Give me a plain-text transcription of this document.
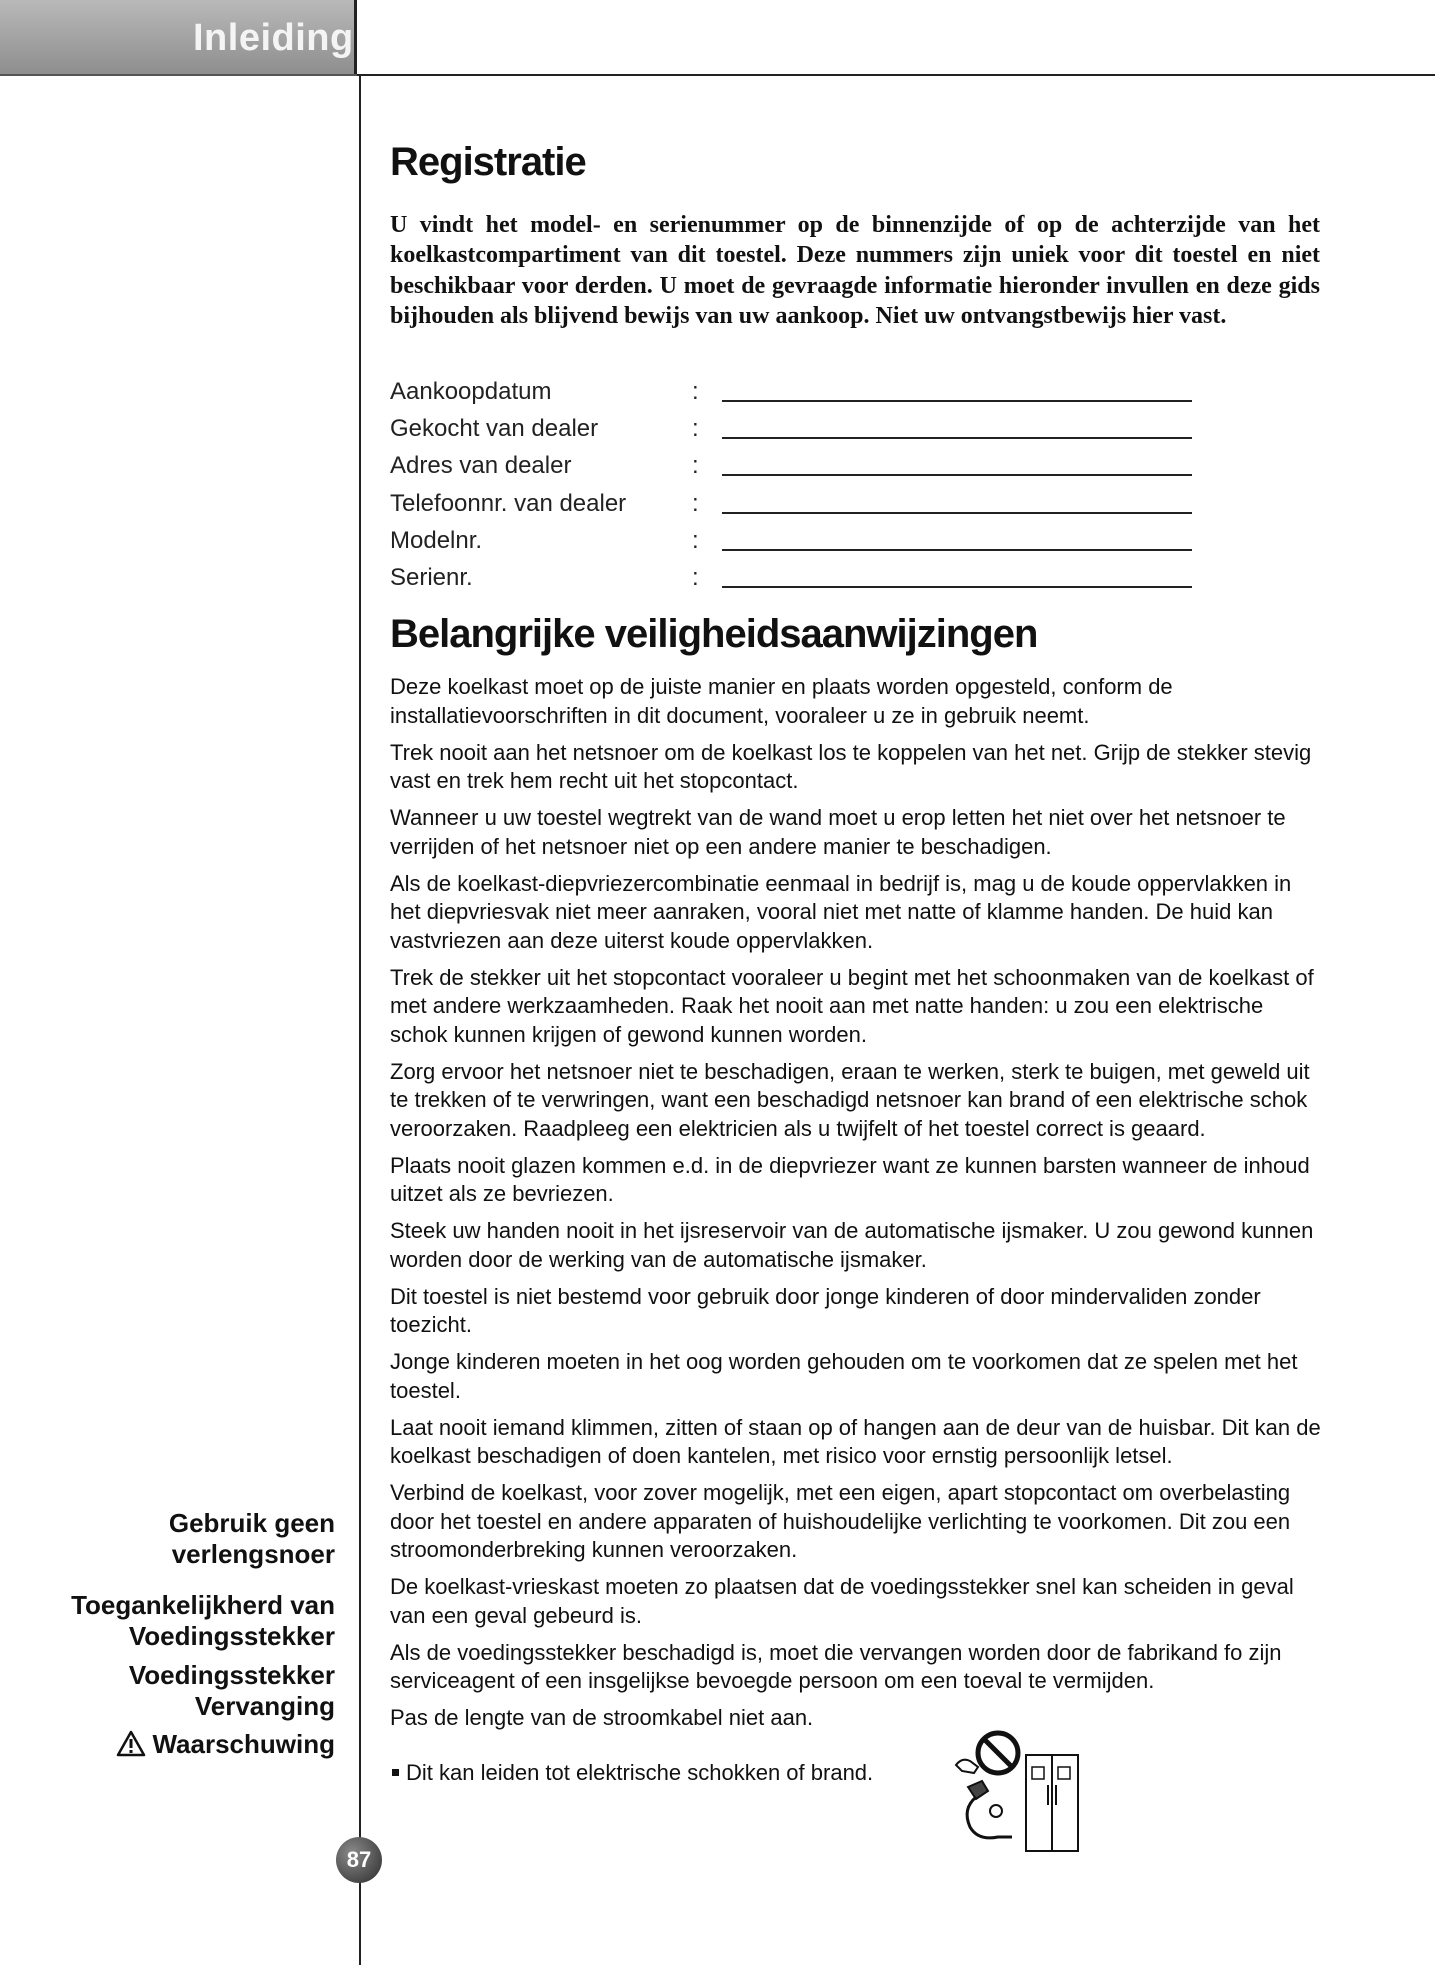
Inleiding
Registratie

U vindt het model- en serienummer op de binnenzijde of op de achterzijde van het koelkastcompartiment van dit toestel. Deze nummers zijn uniek voor dit toestel en niet beschikbaar voor derden. U moet de gevraagde informatie hieronder invullen en deze gids bijhouden als blijvend bewijs van uw aankoop. Niet uw ontvangstbewijs hier vast.

Aankoopdatum	:
Gekocht van dealer	:
Adres van dealer	:
Telefoonnr. van dealer	:
Modelnr.	:
Serienr.	:
Belangrijke veiligheidsaanwijzingen

Deze koelkast moet op de juiste manier en plaats worden opgesteld, conform de installatievoorschriften in dit document, vooraleer u ze in gebruik neemt.

Trek nooit aan het netsnoer om de koelkast los te koppelen van het net. Grijp de stekker stevig vast en trek hem recht uit het stopcontact.

Wanneer u uw toestel wegtrekt van de wand moet u erop letten het niet over het netsnoer te verrijden of het netsnoer niet op een andere manier te beschadigen.

Als de koelkast-diepvriezercombinatie eenmaal in bedrijf is, mag u de koude oppervlakken in het diepvriesvak niet meer aanraken, vooral niet met natte of klamme handen. De huid kan vastvriezen aan deze uiterst koude oppervlakken.

Trek de stekker uit het stopcontact vooraleer u begint met het schoonmaken van de koelkast of met andere werkzaamheden. Raak het nooit aan met natte handen: u zou een elektrische schok kunnen krijgen of gewond kunnen worden.

Zorg ervoor het netsnoer niet te beschadigen, eraan te werken, sterk te buigen, met geweld uit te trekken of te verwringen, want een beschadigd netsnoer kan brand of een elektrische schok veroorzaken. Raadpleeg een elektricien als u twijfelt of het toestel correct is geaard.

Plaats nooit glazen kommen e.d. in de diepvriezer want ze kunnen barsten wanneer de inhoud uitzet als ze bevriezen.

Steek uw handen nooit in het ijsreservoir van de automatische ijsmaker. U zou gewond kunnen worden door de werking van de automatische ijsmaker.

Dit toestel is niet bestemd voor gebruik door jonge kinderen of door mindervaliden zonder toezicht.

Jonge kinderen moeten in het oog worden gehouden om te voorkomen dat ze spelen met het toestel.

Laat nooit iemand klimmen, zitten of staan op of hangen aan de deur van de huisbar. Dit kan de koelkast beschadigen of doen kantelen, met risico voor ernstig persoonlijk letsel.

Verbind de koelkast, voor zover mogelijk, met een eigen, apart stopcontact om overbelasting door het toestel en andere apparaten of huishoudelijke verlichting te voorkomen. Dit zou een stroomonderbreking kunnen veroorzaken.

De koelkast-vrieskast moeten zo plaatsen dat de voedingsstekker snel kan scheiden in geval van een geval gebeurd is.

Als de voedingsstekker beschadigd is, moet die vervangen worden door de fabrikand fo zijn serviceagent of een insgelijkse bevoegde persoon om een toeval te vermijden.

Pas de lengte van de stroomkabel niet aan.

Dit kan leiden tot elektrische schokken of brand.
Gebruik geen
verlengsnoer
Toegankelijkherd van
Voedingsstekker
Voedingsstekker
Vervanging
Waarschuwing
87
